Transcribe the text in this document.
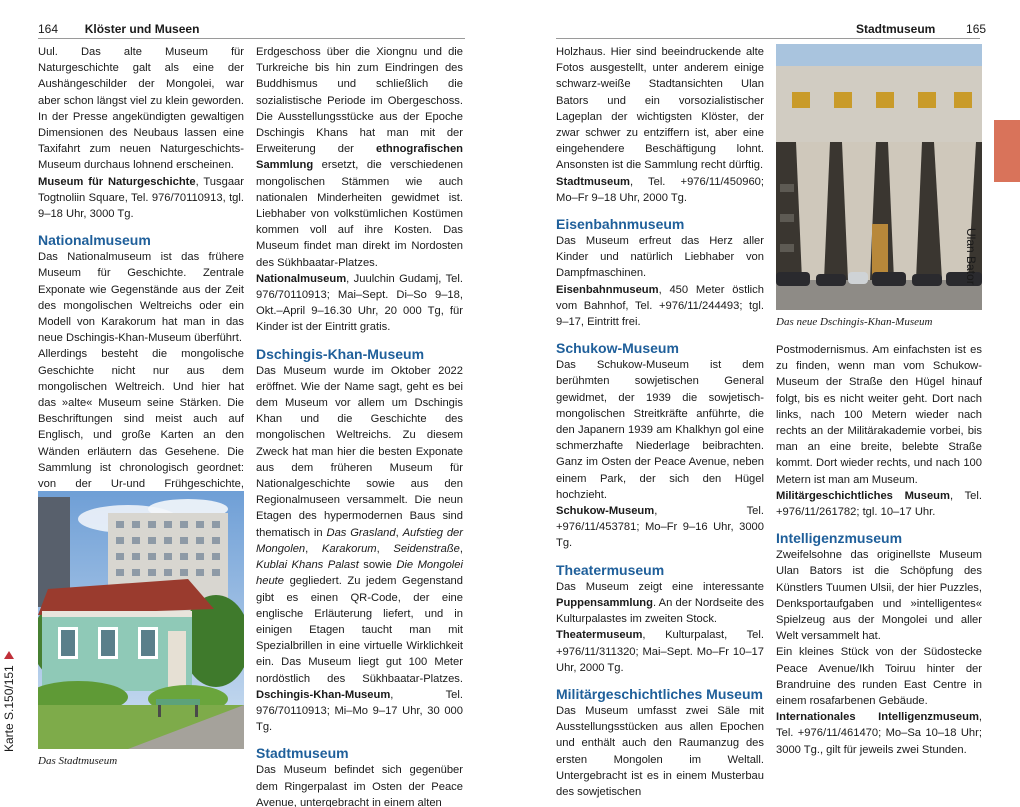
164 Klöster und Museen

Uul. Das alte Museum für Naturgeschichte galt als eine der Aushängeschilder der Mongolei, war aber schon längst viel zu klein geworden. In der Presse angekündigten gewaltigen Dimensionen des Neubaus lassen eine Taxifahrt zum neuen Naturgeschichts-Museum durchaus lohnend erscheinen.

Museum für Naturgeschichte, Tusgaar Togtnoliin Square, Tel. 976/70110913, tgl. 9–18 Uhr, 3000 Tg.

Nationalmuseum

Das Nationalmuseum ist das frühere Museum für Geschichte. Zentrale Exponate wie Gegenstände aus der Zeit des mongolischen Weltreichs oder ein Modell von Karakorum hat man in das neue Dschingis-Khan-Museum überführt.

Allerdings besteht die mongolische Geschichte nicht nur aus dem mongolischen Weltreich. Und hier hat das »alte« Museum seine Stärken. Die Beschriftungen sind meist auch auf Englisch, und große Karten an den Wänden erläutern das Gesehene. Die Sammlung ist chronologisch geordnet: von der Ur-und Frühgeschichte,

Das Stadtmuseum

Erdgeschoss über die Xiongnu und die Turkreiche bis hin zum Eindringen des Buddhismus und schließlich die sozialistische Periode im Obergeschoss. Die Ausstellungsstücke aus der Epoche Dschingis Khans hat man mit der Erweiterung der ethnografischen Sammlung ersetzt, die verschiedenen mongolischen Stämmen wie auch nationalen Minderheiten gewidmet ist. Liebhaber von volkstümlichen Kostümen kommen voll auf ihre Kosten. Das Museum findet man direkt im Nordosten des Sükhbaatar-Platzes.

Nationalmuseum, Juulchin Gudamj, Tel. 976/70110913; Mai–Sept. Di–So 9–18, Okt.–April 9–16.30 Uhr, 20 000 Tg, für Kinder ist der Eintritt gratis.

Dschingis-Khan-Museum

Das Museum wurde im Oktober 2022 eröffnet. Wie der Name sagt, geht es bei dem Museum vor allem um Dschingis Khan und die Geschichte des mongolischen Weltreichs. Zu diesem Zweck hat man hier die besten Exponate aus dem früheren Museum für Nationalgeschichte sowie aus den Regionalmuseen versammelt. Die neun Etagen des hypermodernen Baus sind thematisch in Das Grasland, Aufstieg der Mongolen, Karakorum, Seidenstraße, Kublai Khans Palast sowie Die Mongolei heute gegliedert. Zu jedem Gegenstand gibt es einen QR-Code, der eine englische Erläuterung liefert, und in einigen Etagen taucht man mit Spezialbrillen in eine virtuelle Wirklichkeit ein. Das Museum liegt gut 100 Meter nordöstlich des Sükhbaatar-Platzes. Dschingis-Khan-Museum, Tel. 976/70110913; Mi–Mo 9–17 Uhr, 30 000 Tg.

Stadtmuseum

Das Museum befindet sich gegenüber dem Ringerpalast im Osten der Peace Avenue, untergebracht in einem alten

Karte S.150/151
Stadtmuseum	165

Holzhaus. Hier sind beeindruckende alte Fotos ausgestellt, unter anderem einige schwarz-weiße Stadtansichten Ulan Bators und ein vorsozialistischer Lageplan der wichtigsten Klöster, der zwar schwer zu entziffern ist, aber eine eingehendere Beschäftigung lohnt. Ansonsten ist die Sammlung recht dürftig.

Stadtmuseum, Tel. +976/11/450960; Mo–Fr 9–18 Uhr, 2000 Tg.

Eisenbahnmuseum

Das Museum erfreut das Herz aller Kinder und natürlich Liebhaber von Dampfmaschinen.

Eisenbahnmuseum, 450 Meter östlich vom Bahnhof, Tel. +976/11/244493; tgl. 9–17, Eintritt frei.

Schukow-Museum

Das Schukow-Museum ist dem berühmten sowjetischen General gewidmet, der 1939 die sowjetisch-mongolischen Streitkräfte anführte, die den Japanern 1939 am Khalkhyn gol eine schmerzhafte Niederlage beibrachten. Ganz im Osten der Peace Avenue, neben einem Park, der sich den Hügel hochzieht.

Schukow-Museum, Tel. +976/11/453781; Mo–Fr 9–16 Uhr, 3000 Tg.

Theatermuseum

Das Museum zeigt eine interessante Puppensammlung. An der Nordseite des Kulturpalastes im zweiten Stock.

Theatermuseum, Kulturpalast, Tel. +976/11/311320; Mai–Sept. Mo–Fr 10–17 Uhr, 2000 Tg.

Militärgeschichtliches Museum

Das Museum umfasst zwei Säle mit Ausstellungsstücken aus allen Epochen und enthält auch den Raumanzug des ersten Mongolen im Weltall. Untergebracht ist es in einem Musterbau des sowjetischen

Das neue Dschingis-Khan-Museum

Postmodernismus. Am einfachsten ist es zu finden, wenn man vom Schukow-Museum der Straße den Hügel hinauf folgt, bis es nicht weiter geht. Dort nach links, nach 100 Metern wieder nach rechts an der Militärakademie vorbei, bis man an eine breite, belebte Straße kommt. Dort wieder rechts, und nach 100 Metern ist man am Museum.

Militärgeschichtliches Museum, Tel. +976/11/261782; tgl. 10–17 Uhr.

Intelligenzmuseum

Zweifelsohne das originellste Museum Ulan Bators ist die Schöpfung des Künstlers Tuumen Ulsii, der hier Puzzles, Denksportaufgaben und »intelligentes« Spielzeug aus der Mongolei und aller Welt versammelt hat.

Ein kleines Stück von der Südostecke Peace Avenue/Ikh Toiruu hinter der Brandruine des runden East Centre in einem rosafarbenen Gebäude.

Internationales Intelligenzmuseum, Tel. +976/11/461470; Mo–Sa 10–18 Uhr; 3000 Tg., gilt für jeweils zwei Stunden.

Ulan Bator
